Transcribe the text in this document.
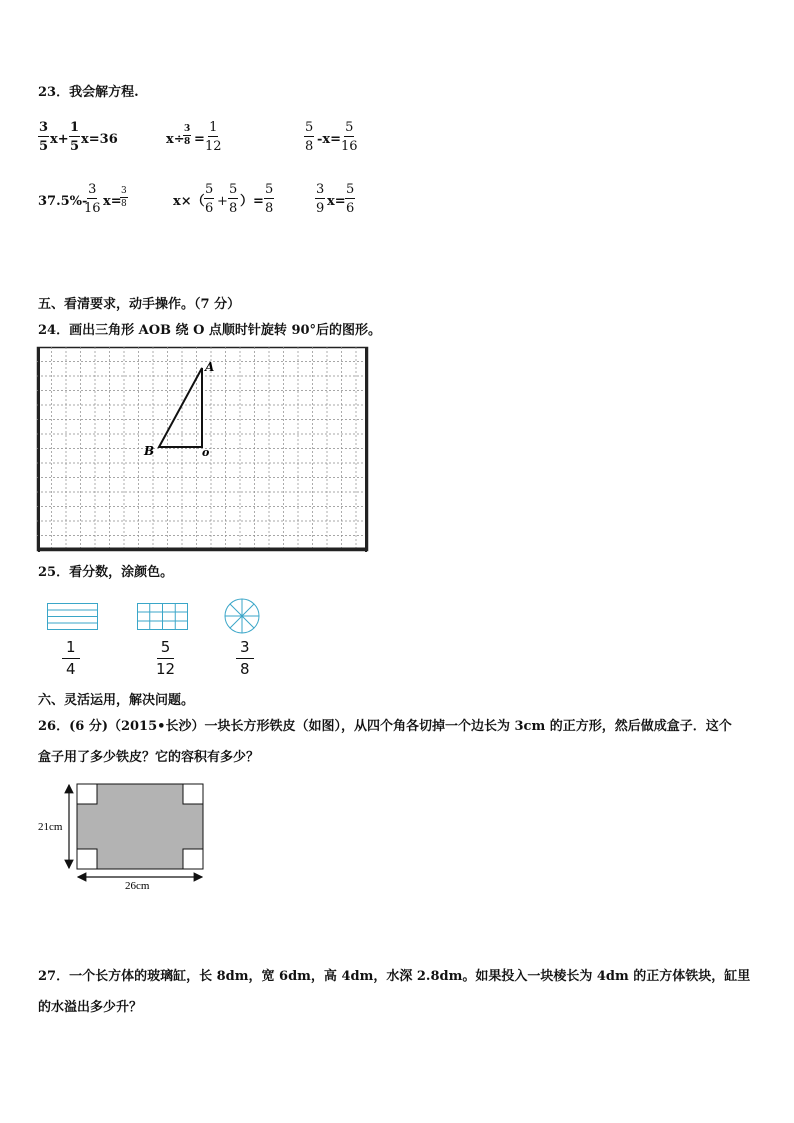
23．我会解方程.
$\frac{3}{5} x+ \frac{1}{5} x=36$	x÷
$\frac{3}{8} = \frac{1}{12}$	$\frac{5}{8} -x= \frac{5}{16}$
37.5%-
$\frac{3}{16} x=$
$\frac{3}{8}$	$x\times( \frac{5}{6} + \frac{5}{8}$ ）= $\frac{5}{8}$	$\frac{3}{9} x= \frac{5}{6}$
五、看清要求，动手操作。（7 分）
24．画出三角形 AOB 绕 O 点顺时针旋转 90°后的图形。
A
B	o
25．看分数，涂颜色。
$\frac{1}{4}$	$\frac{5}{12}$	$\frac{3}{8}$
六、灵活运用，解决问题。
26．(6 分)（2015•长沙）一块长方形铁皮（如图），从四个角各切掉一个边长为 3cm 的正方形，然后做成盒子．这个
盒子用了多少铁皮？它的容积有多少？
21cm
26cm
27．一个长方体的玻璃缸，长 8dm，宽 6dm，高 4dm，水深 2.8dm。如果投入一块棱长为 4dm 的正方体铁块，缸里
的水溢出多少升？
